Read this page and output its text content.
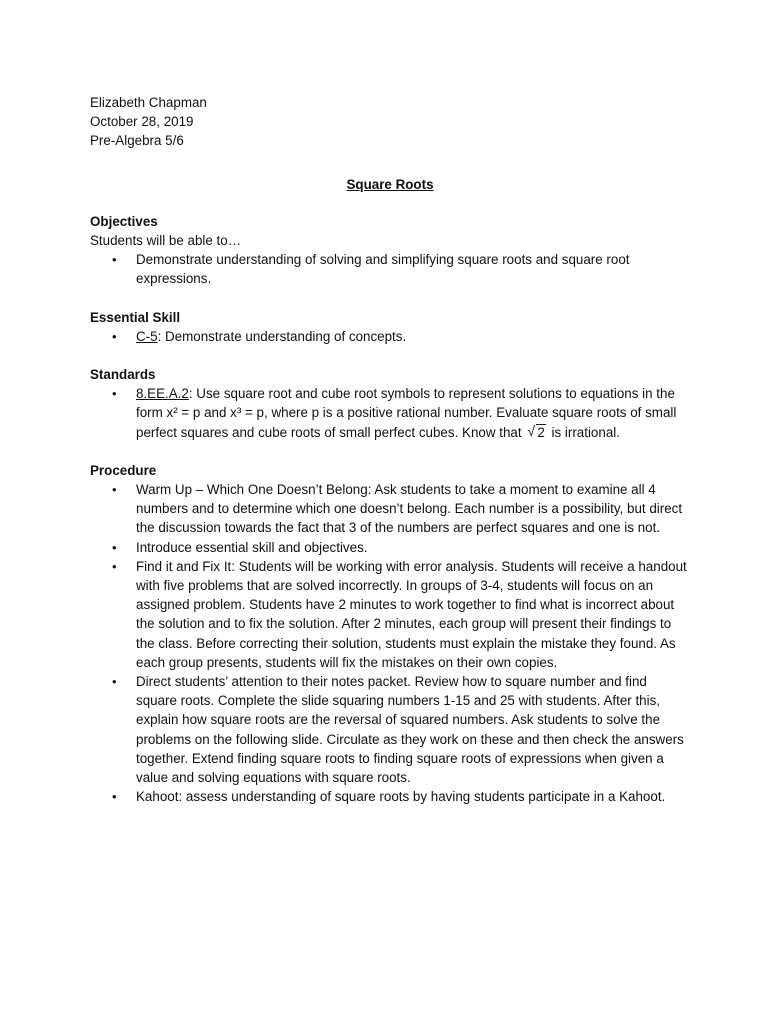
Elizabeth Chapman

October 28, 2019

Pre-Algebra 5/6

Square Roots

Objectives

Students will be able to…

• Demonstrate understanding of solving and simplifying square roots and square root expressions.

Essential Skill

• C-5: Demonstrate understanding of concepts.

Standards

• 8.EE.A.2: Use square root and cube root symbols to represent solutions to equations in the form x² = p and x³ = p, where p is a positive rational number. Evaluate square roots of small perfect squares and cube roots of small perfect cubes. Know that √ 2 is irrational.

Procedure

• Warm Up – Which One Doesn’t Belong: Ask students to take a moment to examine all 4 numbers and to determine which one doesn’t belong. Each number is a possibility, but direct the discussion towards the fact that 3 of the numbers are perfect squares and one is not.
• Introduce essential skill and objectives.
• Find it and Fix It: Students will be working with error analysis. Students will receive a handout with five problems that are solved incorrectly. In groups of 3-4, students will focus on an assigned problem. Students have 2 minutes to work together to find what is incorrect about the solution and to fix the solution. After 2 minutes, each group will present their findings to the class. Before correcting their solution, students must explain the mistake they found. As each group presents, students will fix the mistakes on their own copies.
• Direct students’ attention to their notes packet. Review how to square number and find square roots. Complete the slide squaring numbers 1-15 and 25 with students. After this, explain how square roots are the reversal of squared numbers. Ask students to solve the problems on the following slide. Circulate as they work on these and then check the answers together. Extend finding square roots to finding square roots of expressions when given a value and solving equations with square roots.
• Kahoot: assess understanding of square roots by having students participate in a Kahoot.
